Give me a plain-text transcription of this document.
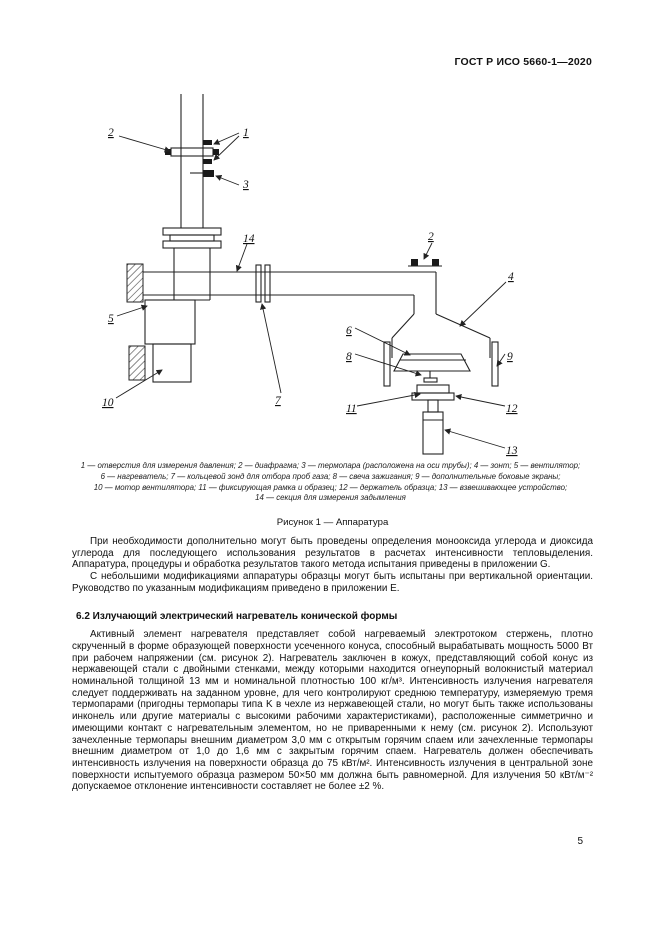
ГОСТ Р ИСО 5660-1—2020
2	1
3
14	2
4
5
6
8	9
7
10	11	12
13
1 — отверстия для измерения давления; 2 — диафрагма; 3 — термопара (расположена на оси трубы); 4 — зонт; 5 — вентилятор;
6 — нагреватель; 7 — кольцевой зонд для отбора проб газа; 8 — свеча зажигания; 9 — дополнительные боковые экраны;
10 — мотор вентилятора; 11 — фиксирующая рамка и образец; 12 — держатель образца; 13 — взвешивающее устройство;
14 — секция для измерения задымления
Рисунок 1 — Аппаратура

При необходимости дополнительно могут быть проведены определения монооксида углерода и диоксида углерода для последующего использования результатов в расчетах интенсивности тепловыделения. Аппаратура, процедуры и обработка результатов такого метода испытания приведены в приложении G.

С небольшими модификациями аппаратуры образцы могут быть испытаны при вертикальной ориентации. Руководство по указанным модификациям приведено в приложении E.

6.2 Излучающий электрический нагреватель конической формы

Активный элемент нагревателя представляет собой нагреваемый электротоком стержень, плотно скрученный в форме образующей поверхности усеченного конуса, способный вырабатывать мощность 5000 Вт при рабочем напряжении (см. рисунок 2). Нагреватель заключен в кожух, представляющий собой конус из нержавеющей стали с двойными стенками, между которыми находится огнеупорный волокнистый материал номинальной толщиной 13 мм и номинальной плотностью 100 кг/м³. Интенсивность излучения нагревателя следует поддерживать на заданном уровне, для чего контролируют среднюю температуру, измеряемую тремя термопарами (пригодны термопары типа K в чехле из нержавеющей стали, но могут быть также использованы инконель или другие материалы с высокими рабочими характеристиками), расположенные симметрично и имеющими контакт с нагревательным элементом, но не приваренными к нему (см. рисунок 2). Используют зачехленные термопары внешним диаметром 3,0 мм с открытым горячим спаем или зачехленные термопары внешним диаметром от 1,0 до 1,6 мм с закрытым горячим спаем. Нагреватель должен обеспечивать интенсивность излучения на поверхности образца до 75 кВт/м². Интенсивность излучения в центральной зоне поверхности испытуемого образца размером 50×50 мм должна быть равномерной. Для излучения 50 кВт/м⁻² допускаемое отклонение интенсивности составляет не более ±2 %.

5
